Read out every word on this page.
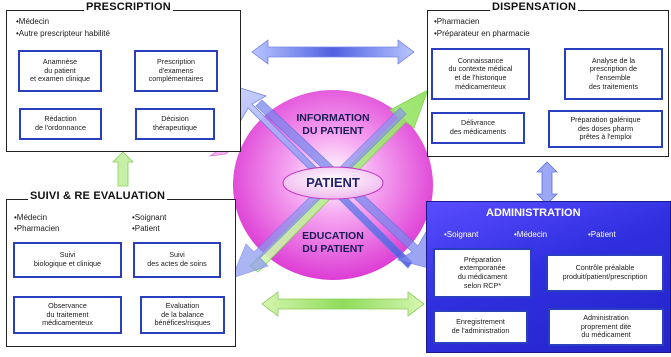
PRESCRIPTION
•Médecin
•Autre prescripteur habilité
Anamnèse
du patient
et examen clinique
Prescription
d'examens
complémentaires
Décision
thérapeutique
Rédaction
de l'ordonnance
DISPENSATION
•Pharmacien
•Préparateur en pharmacie
Connaissance
du contexte médical
et de l'historique
médicamenteux
Analyse de la
prescription de
l'ensemble
des traitements
Délivrance
des médicaments
Préparation galénique
des doses pharm
prêtes à l'emploi
SUIVI & RE EVALUATION
•Médecin
•Pharmacien
•Soignant
•Patient
Suivi
biologique et clinique
Suivi
des actes de soins
Observance
du traitement
médicamenteux
Evaluation
de la balance
bénéfices/risques
ADMINISTRATION
•Soignant	•Médecin	•Patient
Préparation
extemporanée
du médicament
selon RCP*
Contrôle préalable
produit/patient/prescription
Enregistrement
de l'administration
Administration
proprement dite
du médicament
INFORMATION
DU PATIENT
PATIENT
EDUCATION
DU PATIENT
